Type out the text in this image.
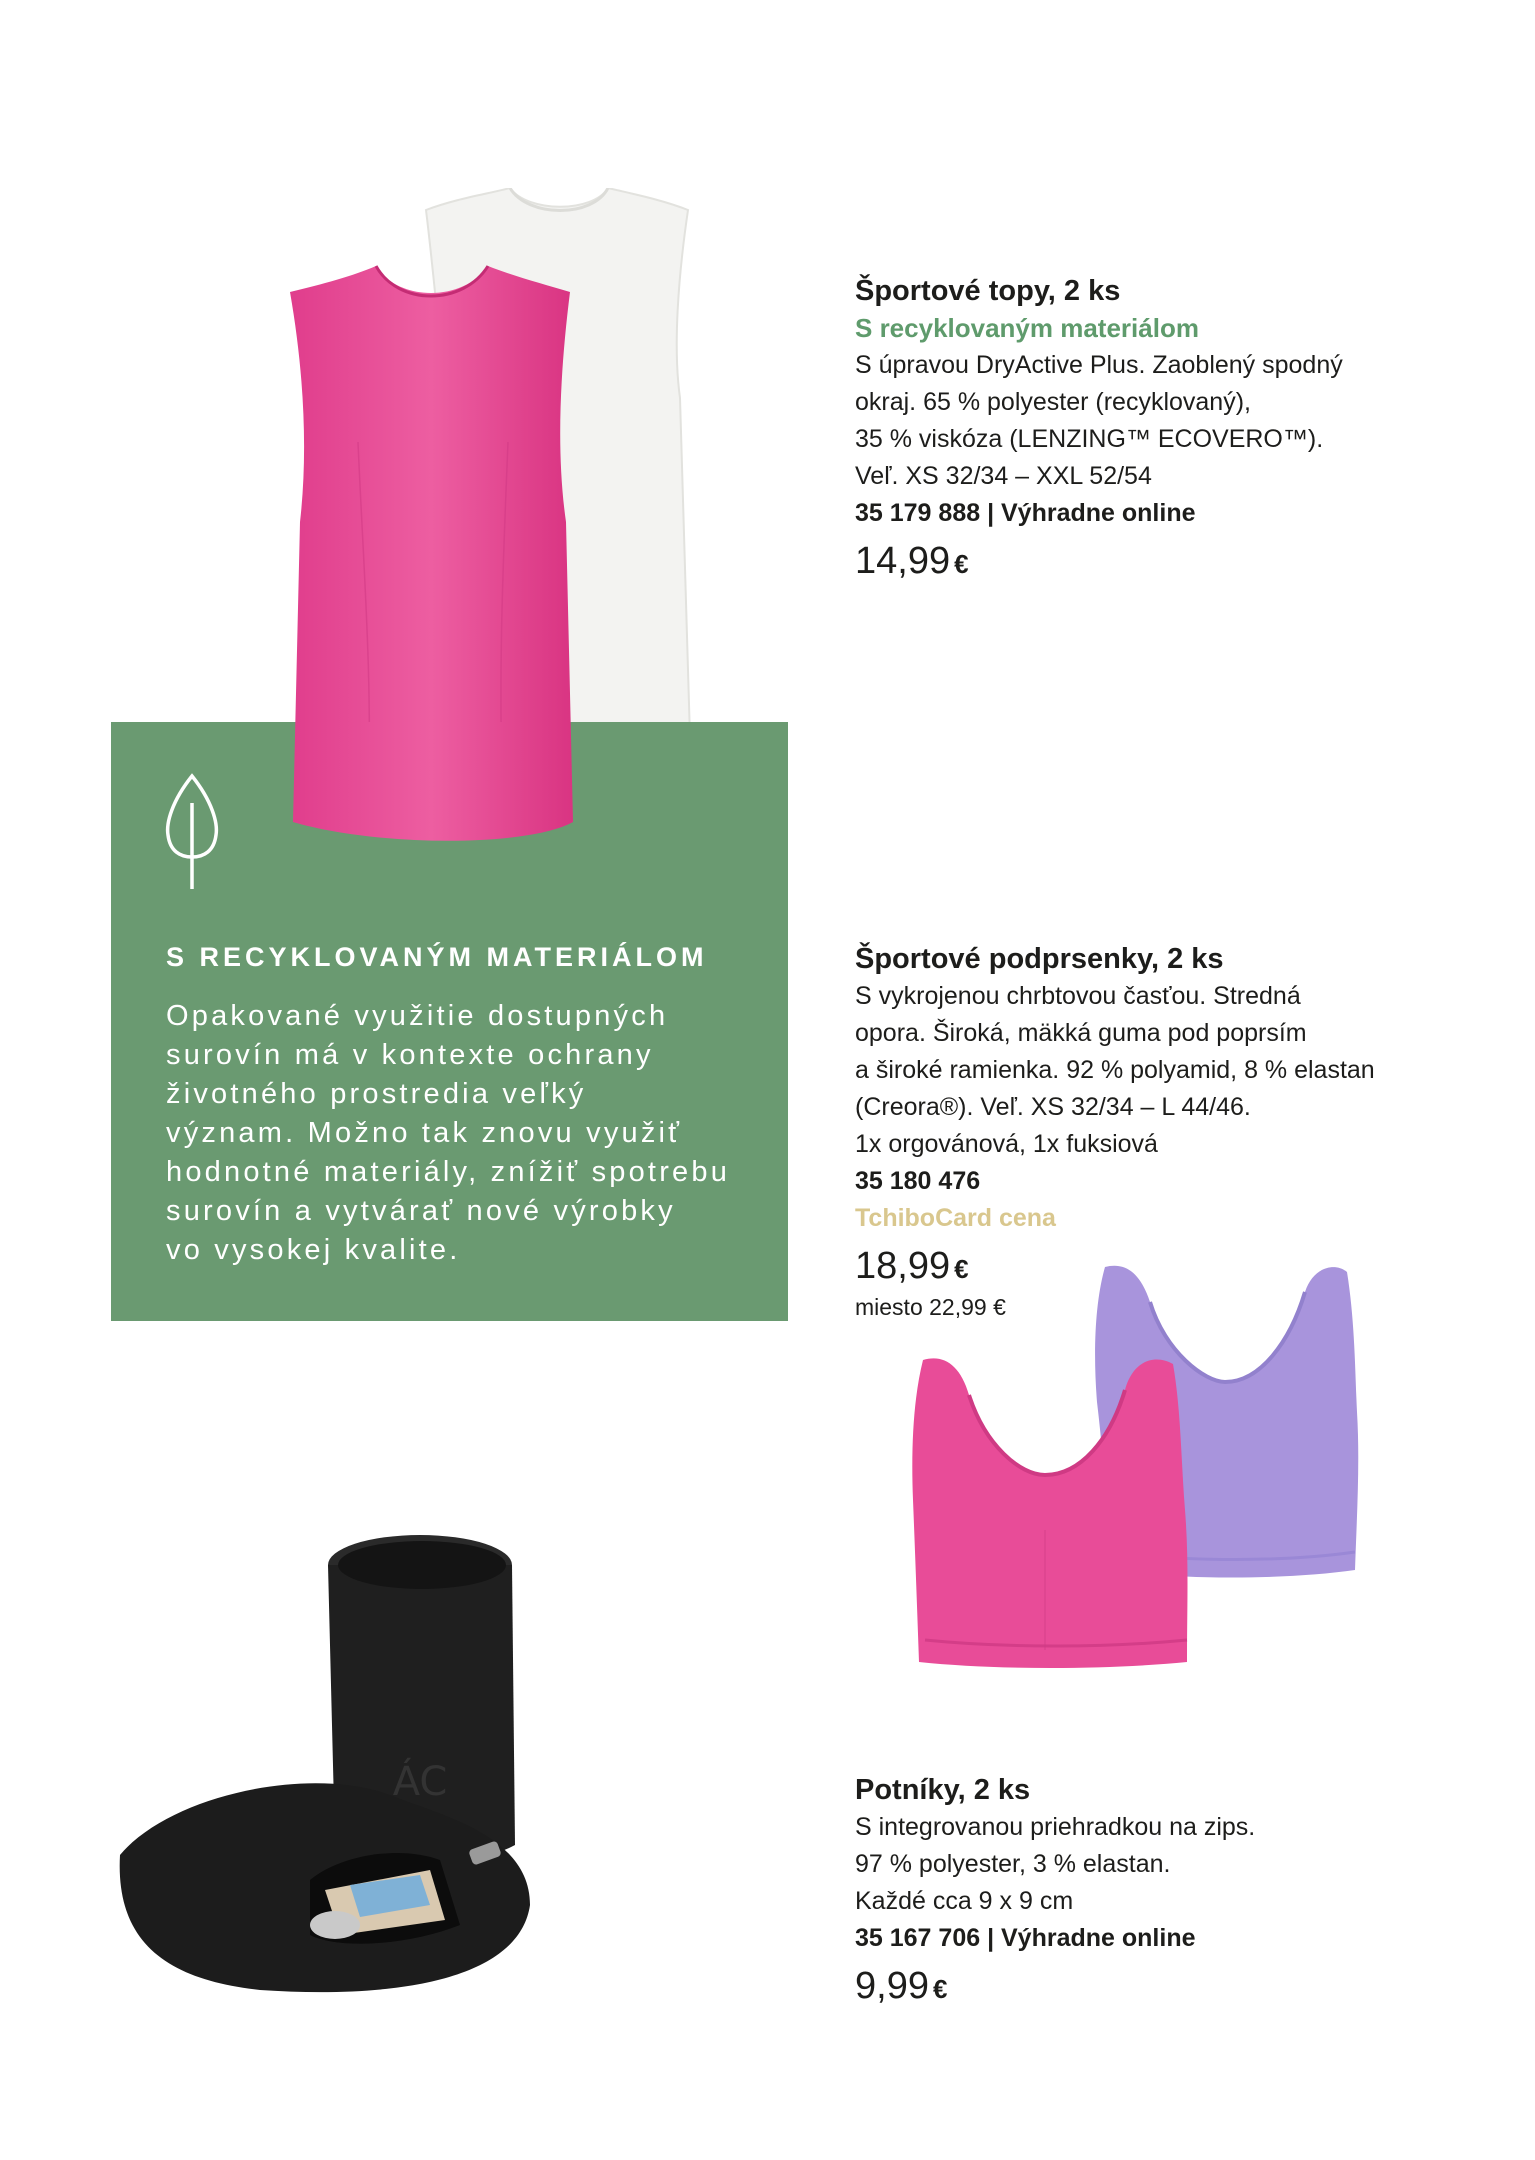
S RECYKLOVANÝM MATERIÁLOM
Opakované využitie dostupných
surovín má v kontexte ochrany
životného prostredia veľký
význam. Možno tak znovu využiť
hodnotné materiály, znížiť spotrebu
surovín a vytvárať nové výrobky
vo vysokej kvalite.
Športové topy, 2 ks
S recyklovaným materiálom
S úpravou DryActive Plus. Zaoblený spodný
okraj. 65 % polyester (recyklovaný),
35 % viskóza (LENZING™ ECOVERO™).
Veľ. XS 32/34 – XXL 52/54
35 179 888 | Výhradne online
14,99 €
Športové podprsenky, 2 ks
S vykrojenou chrbtovou časťou. Stredná
opora. Široká, mäkká guma pod poprsím
a široké ramienka. 92 % polyamid, 8 % elastan
(Creora®). Veľ. XS 32/34 – L 44/46.
1x orgovánová, 1x fuksiová
35 180 476
TchiboCard cena
18,99 €
miesto 22,99 €
ÁC	Potníky, 2 ks
S integrovanou priehradkou na zips.
97 % polyester, 3 % elastan.
Každé cca 9 x 9 cm
35 167 706 | Výhradne online
9,99 €
